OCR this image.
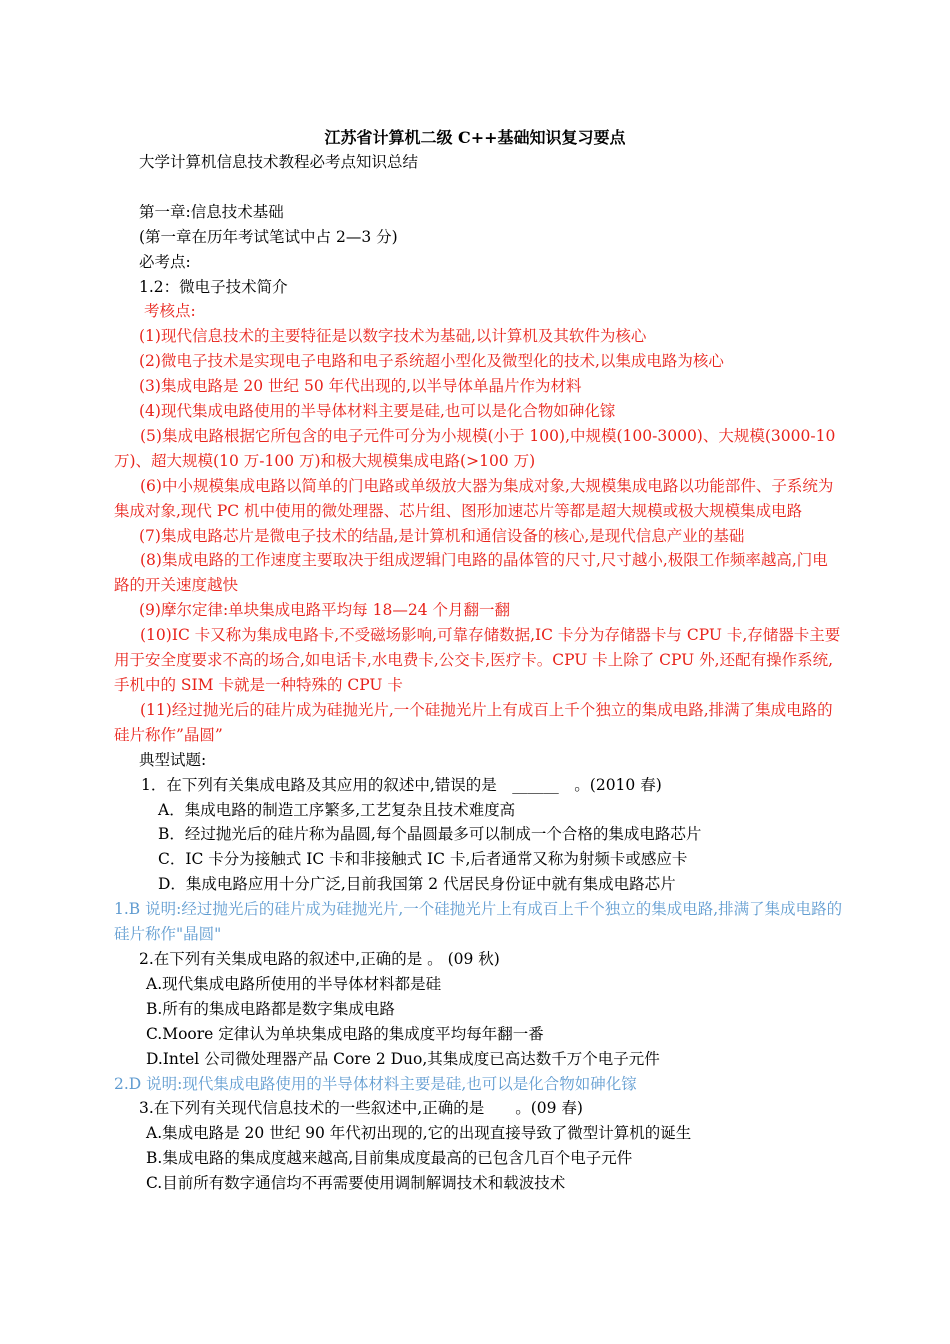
江苏省计算机二级 C++基础知识复习要点
大学计算机信息技术教程必考点知识总结
第一章:信息技术基础
(第一章在历年考试笔试中占 2—3 分)
必考点:
1.2：微电子技术简介
考核点:
(1)现代信息技术的主要特征是以数字技术为基础,以计算机及其软件为核心
(2)微电子技术是实现电子电路和电子系统超小型化及微型化的技术,以集成电路为核心
(3)集成电路是 20 世纪 50 年代出现的,以半导体单晶片作为材料
(4)现代集成电路使用的半导体材料主要是硅,也可以是化合物如砷化镓
(5)集成电路根据它所包含的电子元件可分为小规模(小于 100),中规模(100-3000)、大规模(3000-10 万)、超大规模(10 万-100 万)和极大规模集成电路(>100 万)
(6)中小规模集成电路以简单的门电路或单级放大器为集成对象,大规模集成电路以功能部件、子系统为集成对象,现代 PC 机中使用的微处理器、芯片组、图形加速芯片等都是超大规模或极大规模集成电路
(7)集成电路芯片是微电子技术的结晶,是计算机和通信设备的核心,是现代信息产业的基础
(8)集成电路的工作速度主要取决于组成逻辑门电路的晶体管的尺寸,尺寸越小,极限工作频率越高,门电路的开关速度越快
(9)摩尔定律:单块集成电路平均每 18—24 个月翻一翻
(10)IC 卡又称为集成电路卡,不受磁场影响,可靠存储数据,IC 卡分为存储器卡与 CPU 卡,存储器卡主要用于安全度要求不高的场合,如电话卡,水电费卡,公交卡,医疗卡。CPU 卡上除了 CPU 外,还配有操作系统,手机中的 SIM 卡就是一种特殊的 CPU 卡
(11)经过抛光后的硅片成为硅抛光片,一个硅抛光片上有成百上千个独立的集成电路,排满了集成电路的硅片称作”晶圆”
典型试题:
1．在下列有关集成电路及其应用的叙述中,错误的是　______　。(2010 春)
A．集成电路的制造工序繁多,工艺复杂且技术难度高
B．经过抛光后的硅片称为晶圆,每个晶圆最多可以制成一个合格的集成电路芯片
C．IC 卡分为接触式 IC 卡和非接触式 IC 卡,后者通常又称为射频卡或感应卡
D．集成电路应用十分广泛,目前我国第 2 代居民身份证中就有集成电路芯片
1.B 说明:经过抛光后的硅片成为硅抛光片,一个硅抛光片上有成百上千个独立的集成电路,排满了集成电路的硅片称作"晶圆"
2.在下列有关集成电路的叙述中,正确的是 。 (09 秋)
A.现代集成电路所使用的半导体材料都是硅
B.所有的集成电路都是数字集成电路
C.Moore 定律认为单块集成电路的集成度平均每年翻一番
D.Intel 公司微处理器产品 Core 2 Duo,其集成度已高达数千万个电子元件
2.D 说明:现代集成电路使用的半导体材料主要是硅,也可以是化合物如砷化镓
3.在下列有关现代信息技术的一些叙述中,正确的是　　。(09 春)
A.集成电路是 20 世纪 90 年代初出现的,它的出现直接导致了微型计算机的诞生
B.集成电路的集成度越来越高,目前集成度最高的已包含几百个电子元件
C.目前所有数字通信均不再需要使用调制解调技术和载波技术
